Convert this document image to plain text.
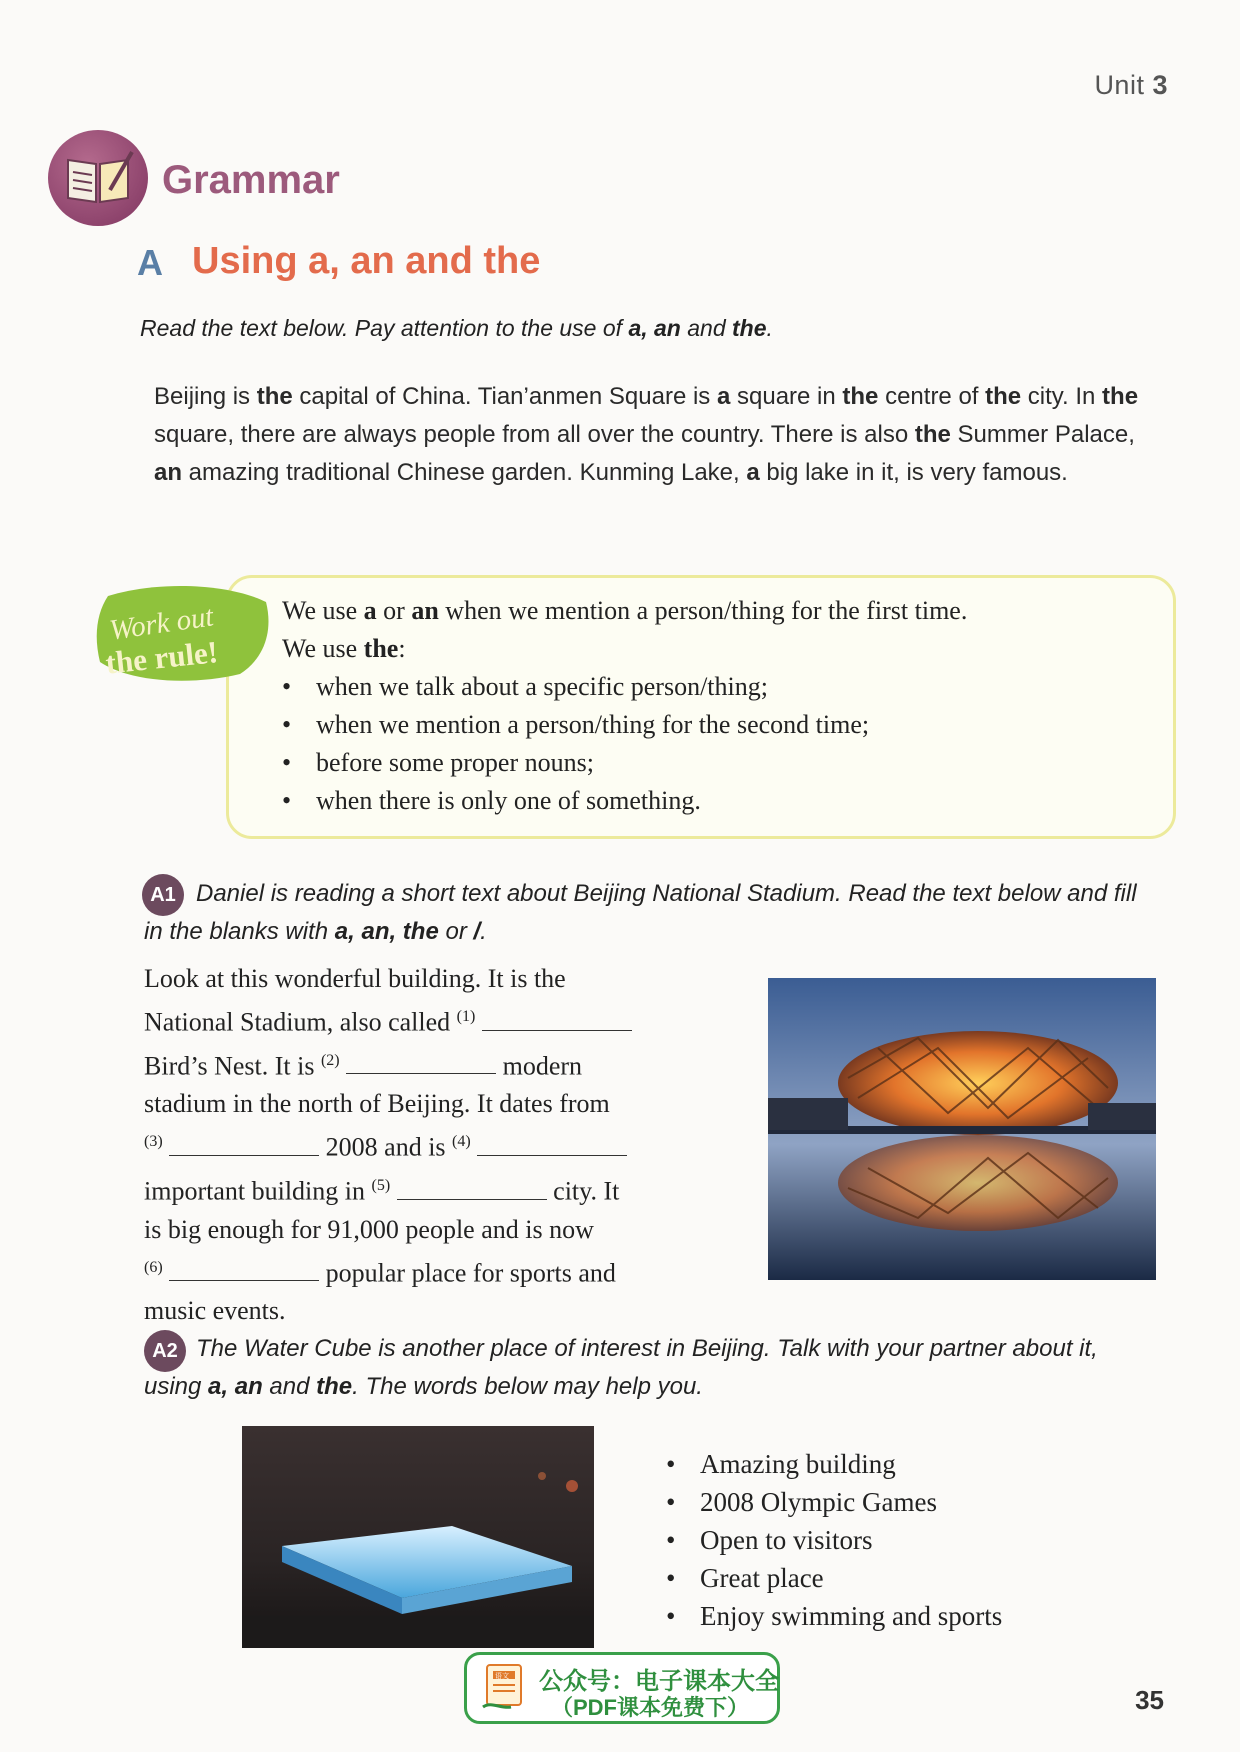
Unit 3
Grammar
A Using a, an and the
Read the text below. Pay attention to the use of a, an and the.
Beijing is the capital of China. Tian’anmen Square is a square in the centre of the city. In the square, there are always people from all over the country. There is also the Summer Palace, an amazing traditional Chinese garden. Kunming Lake, a big lake in it, is very famous.
Work out
the rule!
We use a or an when we mention a person/thing for the first time.
We use the:
• when we talk about a specific person/thing;
• when we mention a person/thing for the second time;
• before some proper nouns;
• when there is only one of something.
A1 Daniel is reading a short text about Beijing National Stadium. Read the text below and fill in the blanks with a, an, the or /.
Look at this wonderful building. It is the
National Stadium, also called $^{(1)}$
Bird’s Nest. It is $^{(2)}$	modern
stadium in the north of Beijing. It dates from
$^{(3)}$	2008 and is $^{(4)}$
important building in $^{(5)}$	city. It
is big enough for 91,000 people and is now
$^{(6)}$	popular place for sports and
music events.
A2 The Water Cube is another place of interest in Beijing. Talk with your partner about it, using a, an and the. The words below may help you.
• Amazing building
• 2008 Olympic Games
• Open to visitors
• Great place
• Enjoy swimming and sports
语文 公众号：电子课本大全
（PDF课本免费下）	35
